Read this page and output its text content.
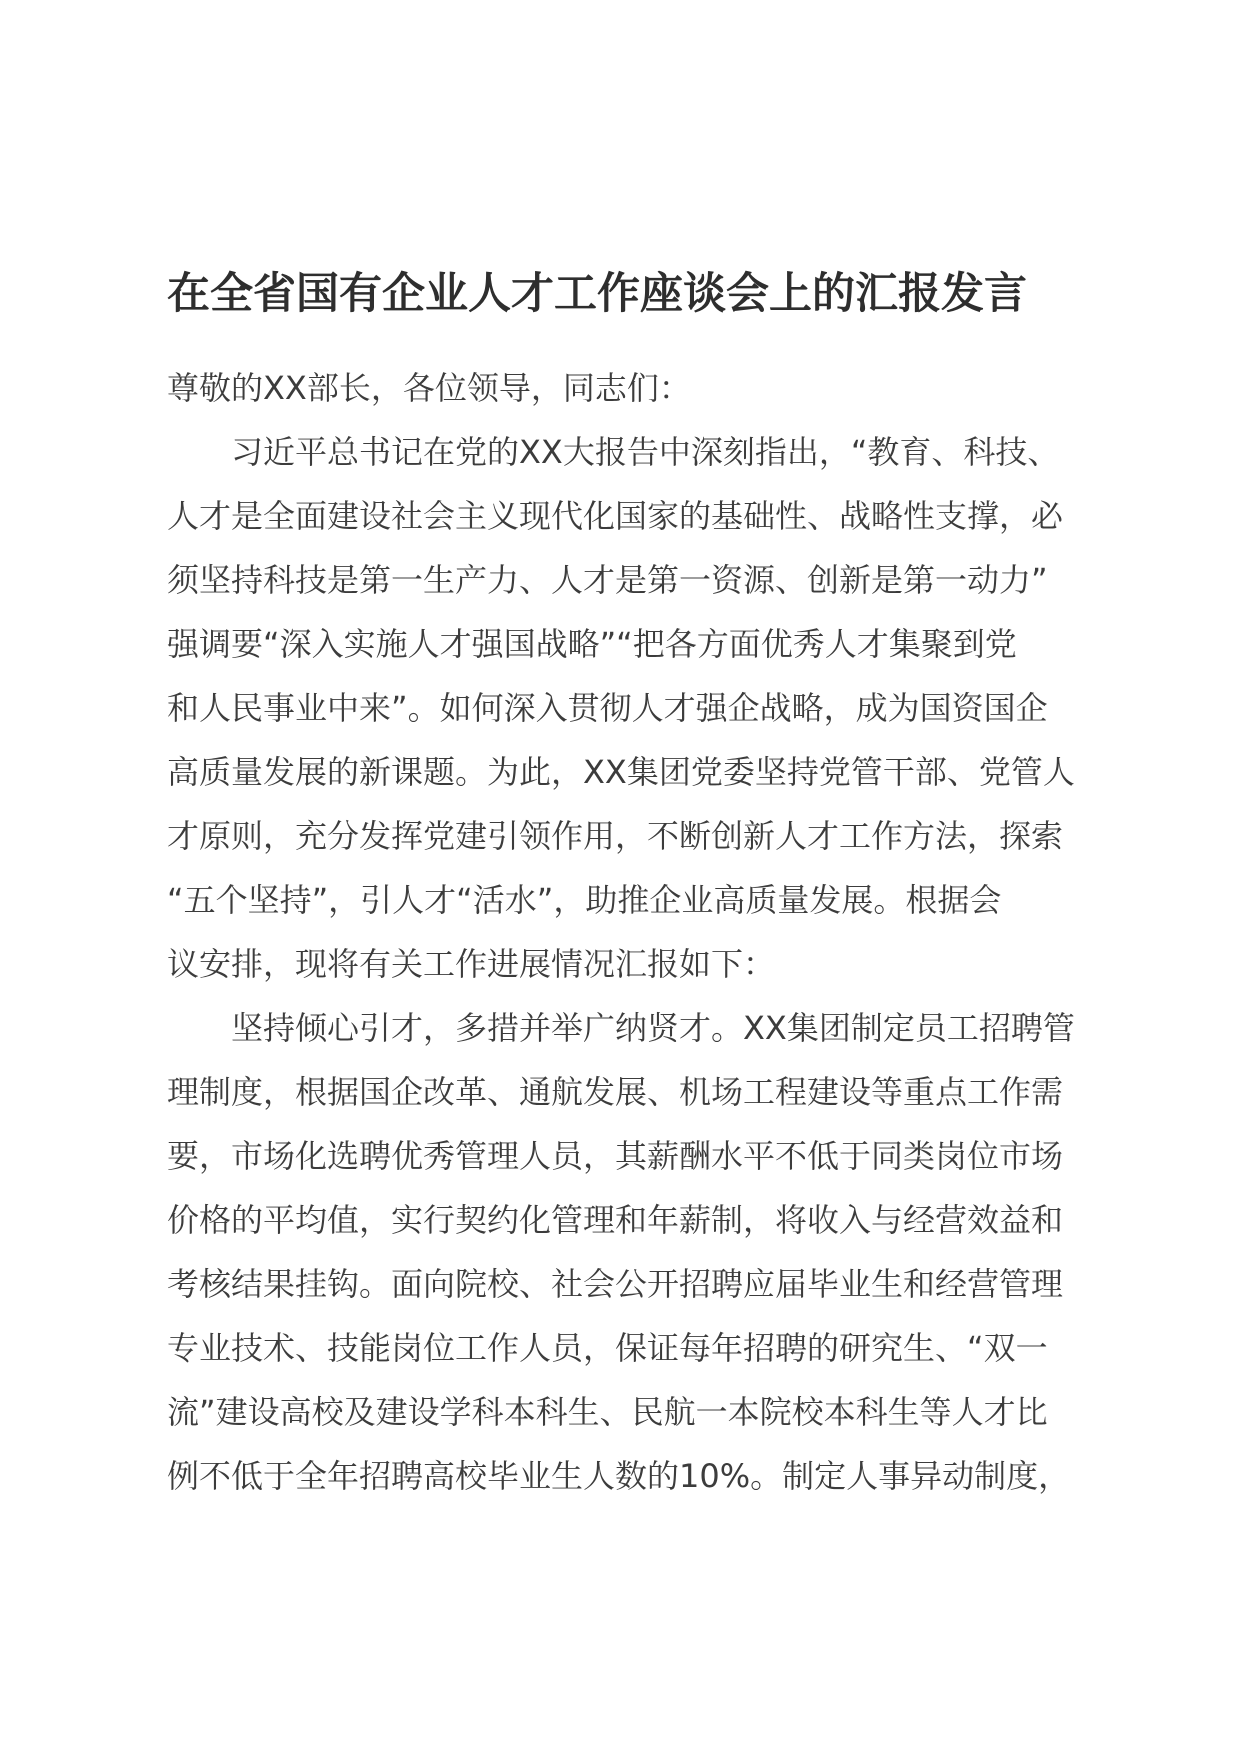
在全省国有企业人才工作座谈会上的汇报发言

尊敬的XX部长，各位领导，同志们：

　　习近平总书记在党的XX大报告中深刻指出，“教育、科技、

人才是全面建设社会主义现代化国家的基础性、战略性支撑，必

须坚持科技是第一生产力、人才是第一资源、创新是第一动力”

强调要“深入实施人才强国战略”“把各方面优秀人才集聚到党

和人民事业中来”。如何深入贯彻人才强企战略，成为国资国企

高质量发展的新课题。为此，XX集团党委坚持党管干部、党管人

才原则，充分发挥党建引领作用，不断创新人才工作方法，探索

“五个坚持”，引人才“活水”，助推企业高质量发展。根据会

议安排，现将有关工作进展情况汇报如下：

　　坚持倾心引才，多措并举广纳贤才。XX集团制定员工招聘管

理制度，根据国企改革、通航发展、机场工程建设等重点工作需

要，市场化选聘优秀管理人员，其薪酬水平不低于同类岗位市场

价格的平均值，实行契约化管理和年薪制，将收入与经营效益和

考核结果挂钩。面向院校、社会公开招聘应届毕业生和经营管理

专业技术、技能岗位工作人员，保证每年招聘的研究生、“双一

流”建设高校及建设学科本科生、民航一本院校本科生等人才比

例不低于全年招聘高校毕业生人数的10%。制定人事异动制度，
